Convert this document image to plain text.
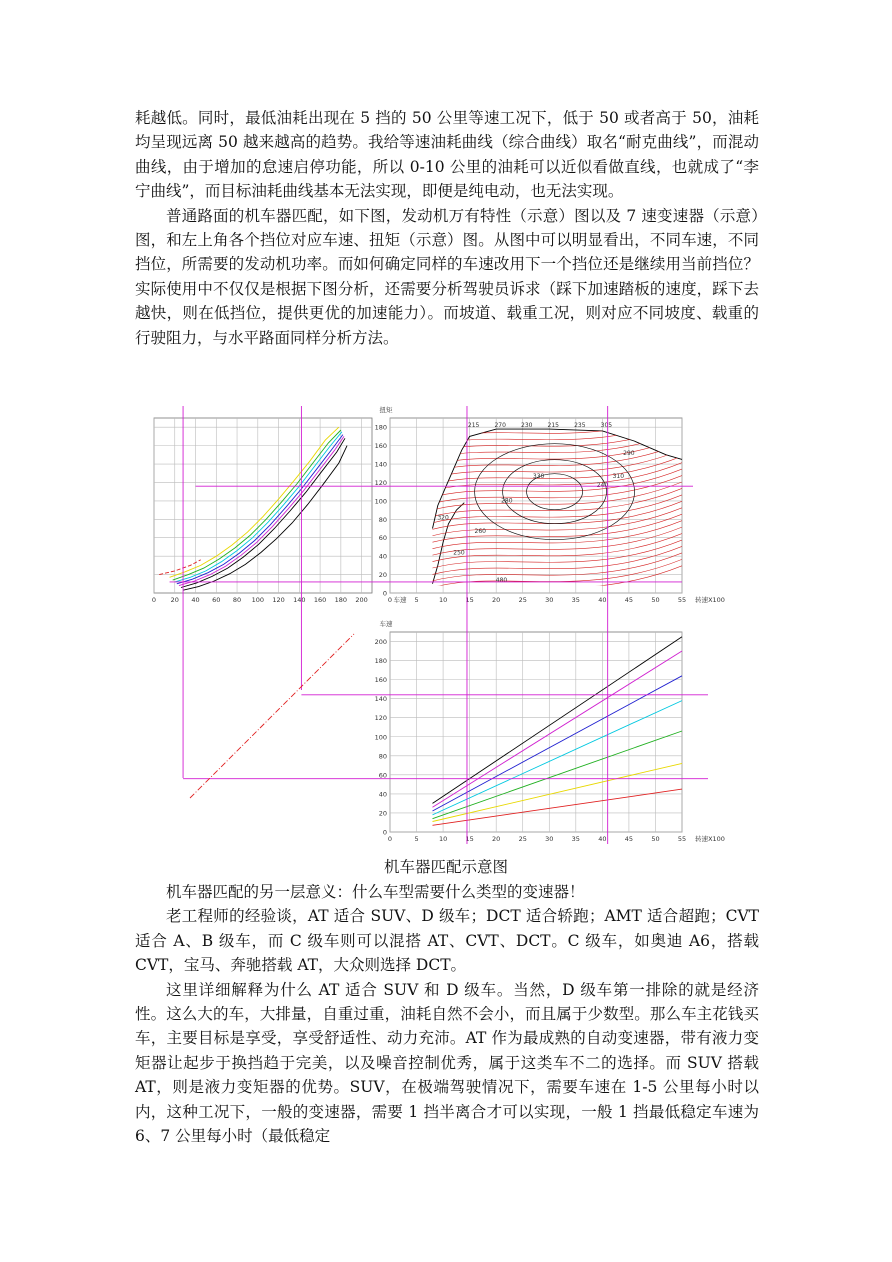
耗越低。同时，最低油耗出现在 5 挡的 50 公里等速工况下，低于 50 或者高于 50，油耗均呈现远离 50 越来越高的趋势。我给等速油耗曲线（综合曲线）取名“耐克曲线”，而混动曲线，由于增加的怠速启停功能，所以 0-10 公里的油耗可以近似看做直线，也就成了“李宁曲线”，而目标油耗曲线基本无法实现，即便是纯电动，也无法实现。

普通路面的机车器匹配，如下图，发动机万有特性（示意）图以及 7 速变速器（示意）图，和左上角各个挡位对应车速、扭矩（示意）图。从图中可以明显看出，不同车速，不同挡位，所需要的发动机功率。而如何确定同样的车速改用下一个挡位还是继续用当前挡位？实际使用中不仅仅是根据下图分析，还需要分析驾驶员诉求（踩下加速踏板的速度，踩下去越快，则在低挡位，提供更优的加速能力）。而坡道、载重工况，则对应不同坡度、载重的行驶阻力，与水平路面同样分析方法。

0 20 40 60 80 100 120 140 160 180 200	车速
0	5	10	15	20	25	30	35	40	45	50	55
0
20
40
60
80
100
120
140
160
180
转速X100
扭矩
215	270	230	215	235	305
320
260
250
330
280
290
310
240
480
0	5	10	15	20	25	30	35	40	45	50	55
0
20
40
60
80
100
120
140
160
180
200
转速X100
车速
机车器匹配示意图

机车器匹配的另一层意义：什么车型需要什么类型的变速器！

老工程师的经验谈，AT 适合 SUV、D 级车；DCT 适合轿跑；AMT 适合超跑；CVT 适合 A、B 级车，而 C 级车则可以混搭 AT、CVT、DCT。C 级车，如奥迪 A6，搭载 CVT，宝马、奔驰搭载 AT，大众则选择 DCT。

这里详细解释为什么 AT 适合 SUV 和 D 级车。当然，D 级车第一排除的就是经济性。这么大的车，大排量，自重过重，油耗自然不会小，而且属于少数型。那么车主花钱买车，主要目标是享受，享受舒适性、动力充沛。AT 作为最成熟的自动变速器，带有液力变矩器让起步于换挡趋于完美，以及噪音控制优秀，属于这类车不二的选择。而 SUV 搭载 AT，则是液力变矩器的优势。SUV，在极端驾驶情况下，需要车速在 1-5 公里每小时以内，这种工况下，一般的变速器，需要 1 挡半离合才可以实现，一般 1 挡最低稳定车速为 6、7 公里每小时（最低稳定
